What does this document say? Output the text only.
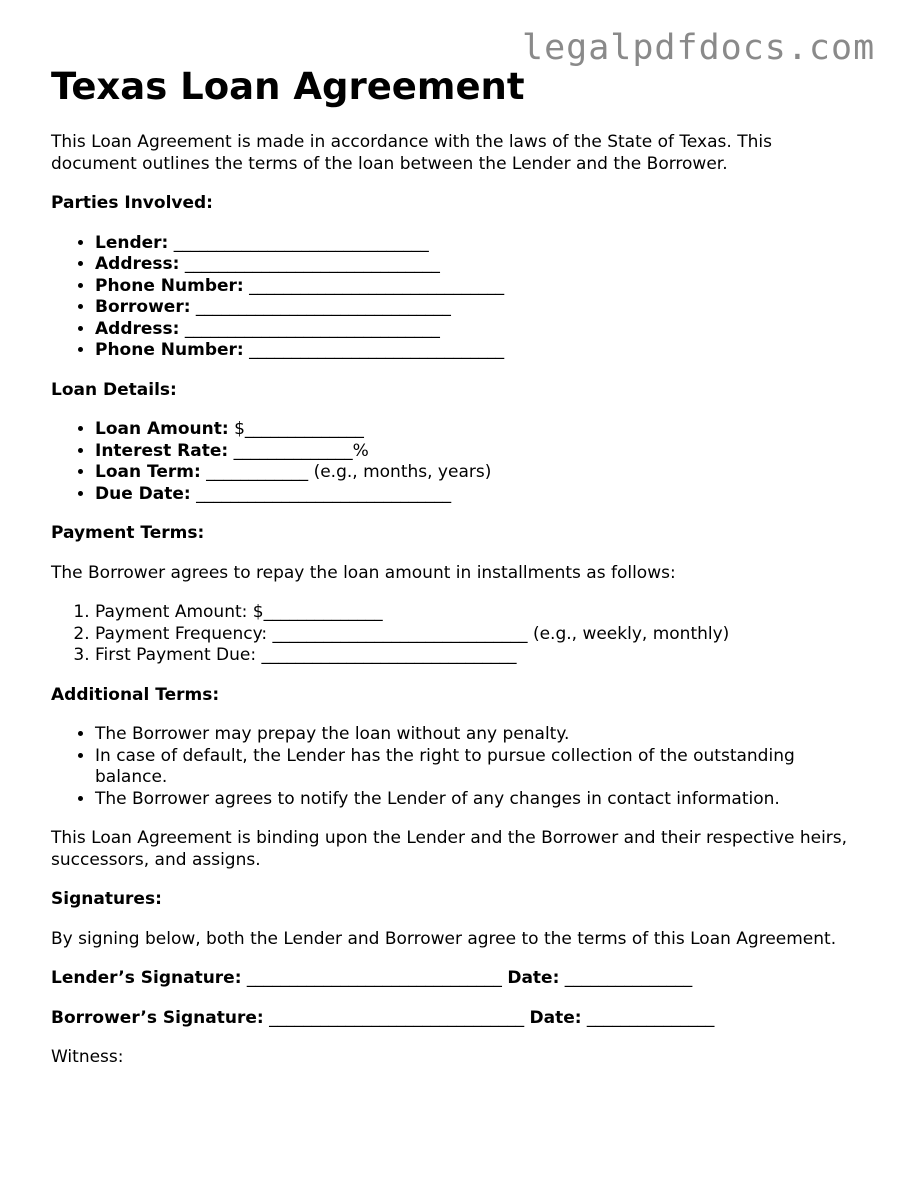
legalpdfdocs.com
Texas Loan Agreement

This Loan Agreement is made in accordance with the laws of the State of Texas. This document outlines the terms of the loan between the Lender and the Borrower.

Parties Involved:

• Lender: ______________________________
• Address: ______________________________
• Phone Number: ______________________________
• Borrower: ______________________________
• Address: ______________________________
• Phone Number: ______________________________

Loan Details:

• Loan Amount: $______________
• Interest Rate: ______________%
• Loan Term: ____________ (e.g., months, years)
• Due Date: ______________________________

Payment Terms:

The Borrower agrees to repay the loan amount in installments as follows:

1. Payment Amount: $______________
2. Payment Frequency: ______________________________ (e.g., weekly, monthly)
3. First Payment Due: ______________________________

Additional Terms:

• The Borrower may prepay the loan without any penalty.
• In case of default, the Lender has the right to pursue collection of the outstanding balance.
• The Borrower agrees to notify the Lender of any changes in contact information.

This Loan Agreement is binding upon the Lender and the Borrower and their respective heirs, successors, and assigns.

Signatures:

By signing below, both the Lender and Borrower agree to the terms of this Loan Agreement.

Lender’s Signature: ______________________________ Date: _______________

Borrower’s Signature: ______________________________ Date: _______________

Witness:
